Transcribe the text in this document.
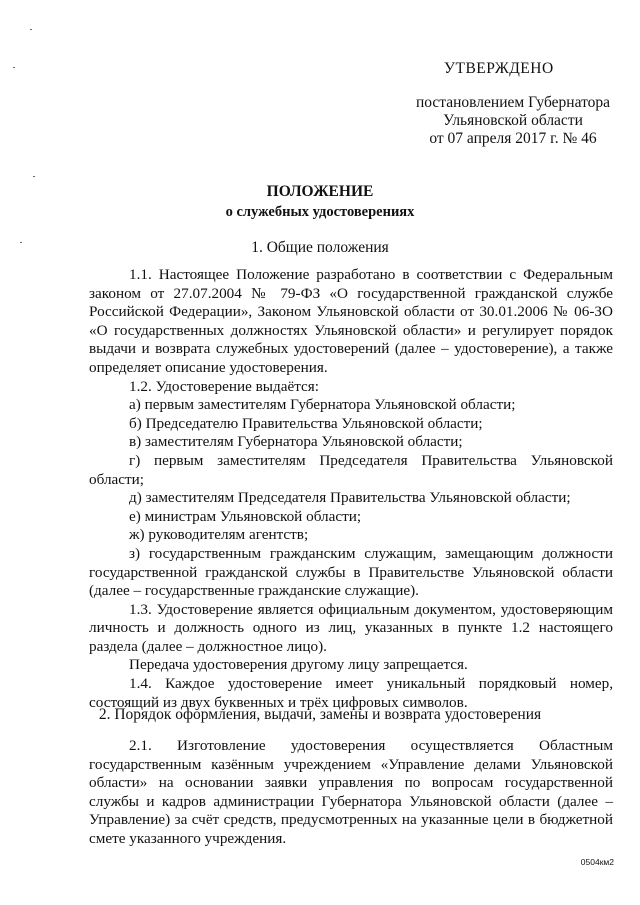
УТВЕРЖДЕНО
постановлением Губернатора
Ульяновской области
от 07 апреля 2017 г. № 46
ПОЛОЖЕНИЕ
о служебных удостоверениях
1. Общие положения

1.1. Настоящее Положение разработано в соответствии с Федеральным законом от 27.07.2004 № 79-ФЗ «О государственной гражданской службе Российской Федерации», Законом Ульяновской области от 30.01.2006 № 06-ЗО «О государственных должностях Ульяновской области» и регулирует порядок выдачи и возврата служебных удостоверений (далее – удостоверение), а также определяет описание удостоверения.

1.2. Удостоверение выдаётся:

а) первым заместителям Губернатора Ульяновской области;

б) Председателю Правительства Ульяновской области;

в) заместителям Губернатора Ульяновской области;

г) первым заместителям Председателя Правительства Ульяновской области;

д) заместителям Председателя Правительства Ульяновской области;

е) министрам Ульяновской области;

ж) руководителям агентств;

з) государственным гражданским служащим, замещающим должности государственной гражданской службы в Правительстве Ульяновской области (далее – государственные гражданские служащие).

1.3. Удостоверение является официальным документом, удостоверяющим личность и должность одного из лиц, указанных в пункте 1.2 настоящего раздела (далее – должностное лицо).

Передача удостоверения другому лицу запрещается.

1.4. Каждое удостоверение имеет уникальный порядковый номер, состоящий из двух буквенных и трёх цифровых символов.

2. Порядок оформления, выдачи, замены и возврата удостоверения

2.1. Изготовление удостоверения осуществляется Областным государственным казённым учреждением «Управление делами Ульяновской области» на основании заявки управления по вопросам государственной службы и кадров администрации Губернатора Ульяновской области (далее – Управление) за счёт средств, предусмотренных на указанные цели в бюджетной смете указанного учреждения.

0504км2
